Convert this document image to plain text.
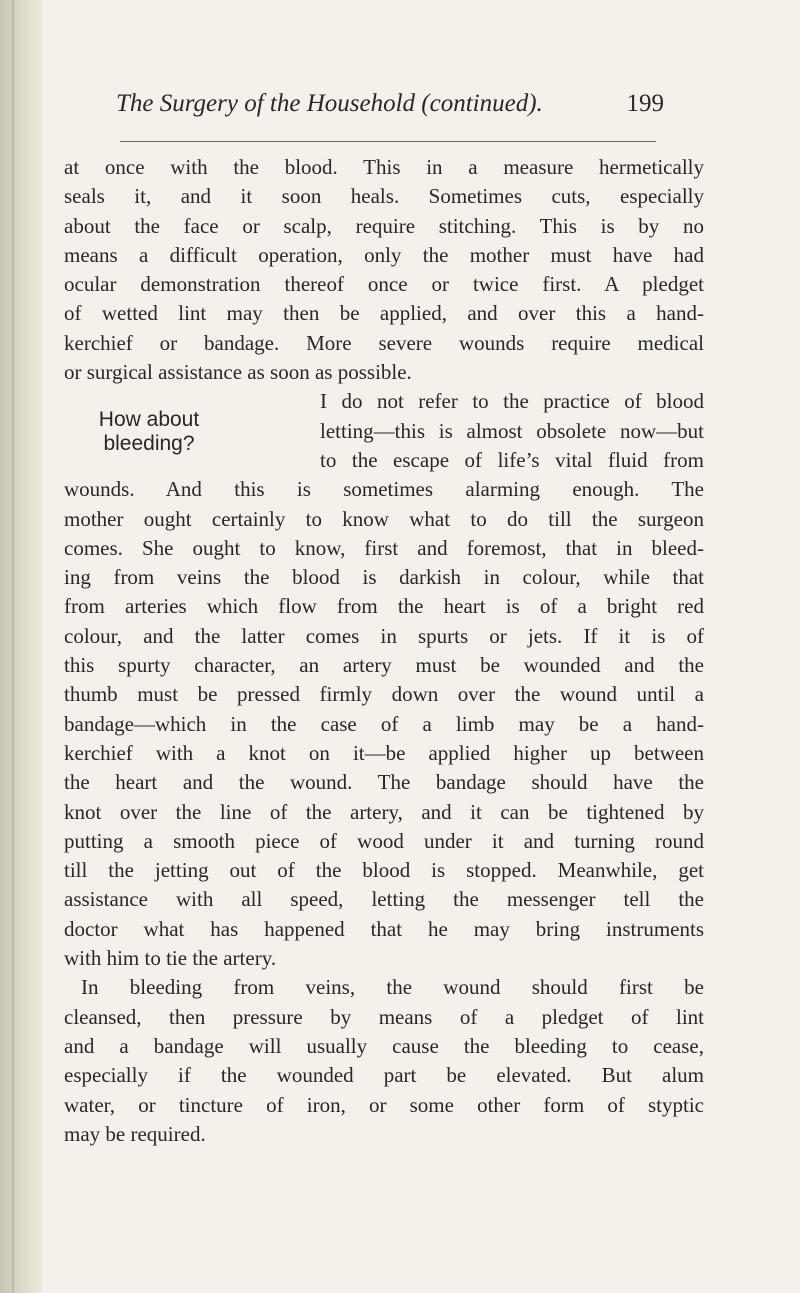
The Surgery of the Household (continued).	199
How about
bleeding?
at once with the blood. This in a measure hermetically
seals it, and it soon heals. Sometimes cuts, especially
about the face or scalp, require stitching. This is by no
means a difficult operation, only the mother must have had
ocular demonstration thereof once or twice first. A pledget
of wetted lint may then be applied, and over this a hand-
kerchief or bandage. More severe wounds require medical
or surgical assistance as soon as possible.
I do not refer to the practice of blood
letting—this is almost obsolete now—but
to the escape of life’s vital fluid from
wounds. And this is sometimes alarming enough. The
mother ought certainly to know what to do till the surgeon
comes. She ought to know, first and foremost, that in bleed-
ing from veins the blood is darkish in colour, while that
from arteries which flow from the heart is of a bright red
colour, and the latter comes in spurts or jets. If it is of
this spurty character, an artery must be wounded and the
thumb must be pressed firmly down over the wound until a
bandage—which in the case of a limb may be a hand-
kerchief with a knot on it—be applied higher up between
the heart and the wound. The bandage should have the
knot over the line of the artery, and it can be tightened by
putting a smooth piece of wood under it and turning round
till the jetting out of the blood is stopped. Meanwhile, get
assistance with all speed, letting the messenger tell the
doctor what has happened that he may bring instruments
with him to tie the artery.
In bleeding from veins, the wound should first be
cleansed, then pressure by means of a pledget of lint
and a bandage will usually cause the bleeding to cease,
especially if the wounded part be elevated. But alum
water, or tincture of iron, or some other form of styptic
may be required.
